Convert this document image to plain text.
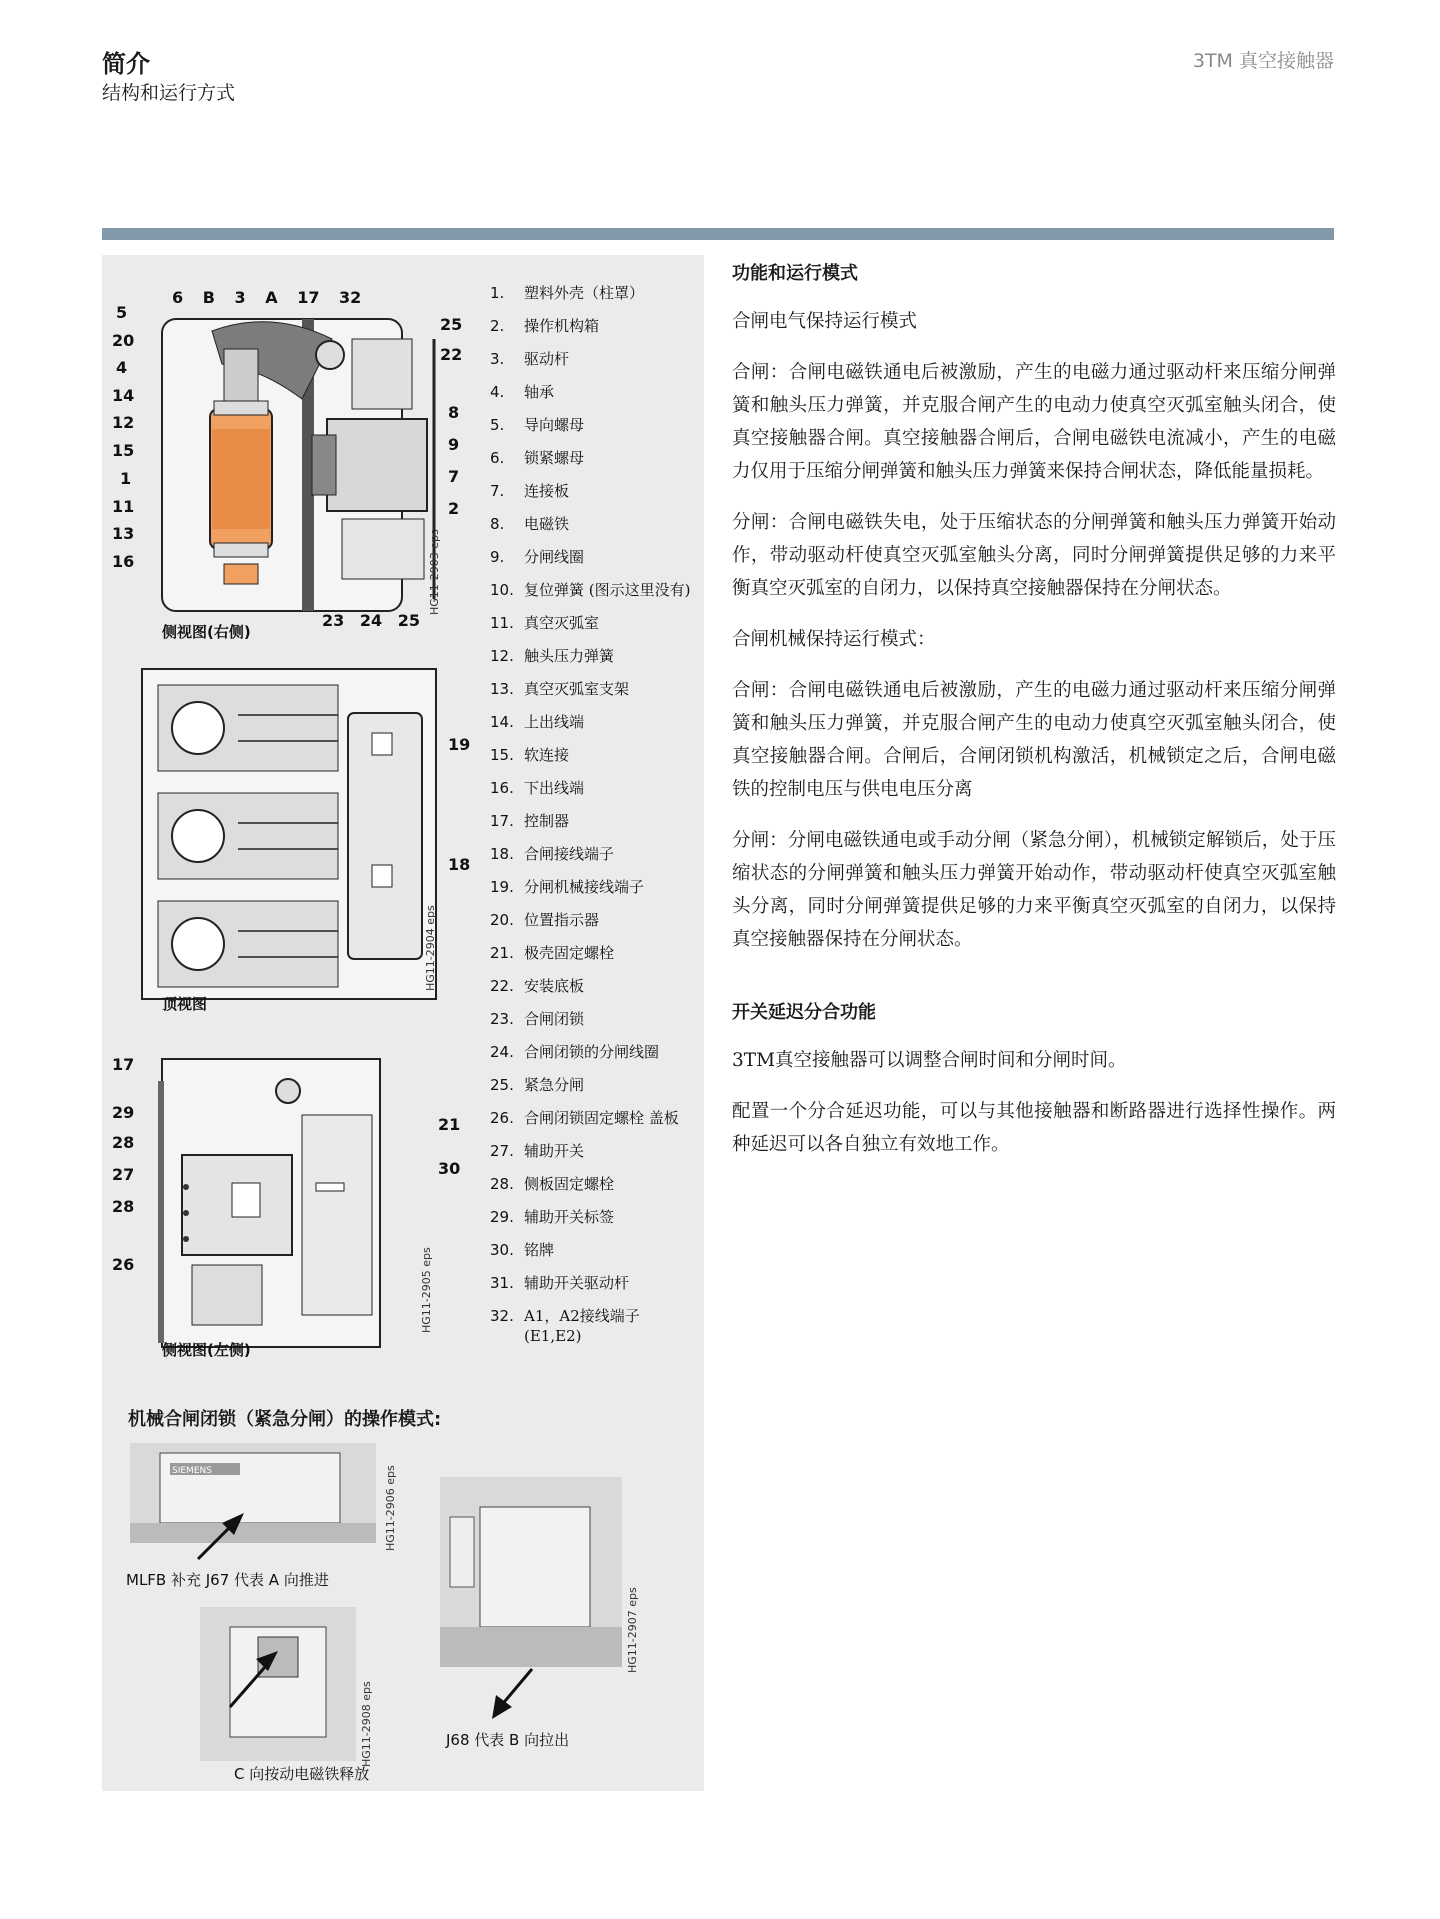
简介
结构和运行方式
3TM 真空接触器
6 B 3 A 17 32
5
20
4
14
12
15
1
11
13
16
25
22
8
9
7
2
23 24 25
侧视图(右侧)
HG11-2903 eps
19
18
顶视图
HG11-2904 eps
17
29
28
27
28
26
21
30
侧视图(左侧)
HG11-2905 eps
1.	塑料外壳（柱罩）
2.	操作机构箱
3.	驱动杆
4.	轴承
5.	导向螺母
6.	锁紧螺母
7.	连接板
8.	电磁铁
9.	分闸线圈
10. 复位弹簧 (图示这里没有)
11. 真空灭弧室
12. 触头压力弹簧
13. 真空灭弧室支架
14. 上出线端
15. 软连接
16. 下出线端
17. 控制器
18. 合闸接线端子
19. 分闸机械接线端子
20. 位置指示器
21. 极壳固定螺栓
22. 安装底板
23. 合闸闭锁
24. 合闸闭锁的分闸线圈
25. 紧急分闸
26. 合闸闭锁固定螺栓 盖板
27. 辅助开关
28. 侧板固定螺栓
29. 辅助开关标签
30. 铭牌
31. 辅助开关驱动杆
32. A1，A2接线端子 (E1,E2)
机械合闸闭锁（紧急分闸）的操作模式:
SIEMENS	HG11-2906 eps
MLFB 补充 J67 代表 A 向推进
HG11-2907 eps
J68 代表 B 向拉出
HG11-2908 eps
C 向按动电磁铁释放
功能和运行模式

合闸电气保持运行模式

合闸：合闸电磁铁通电后被激励，产生的电磁力通过驱动杆来压缩分闸弹簧和触头压力弹簧，并克服合闸产生的电动力使真空灭弧室触头闭合，使真空接触器合闸。真空接触器合闸后，合闸电磁铁电流减小，产生的电磁力仅用于压缩分闸弹簧和触头压力弹簧来保持合闸状态，降低能量损耗。

分闸：合闸电磁铁失电，处于压缩状态的分闸弹簧和触头压力弹簧开始动作，带动驱动杆使真空灭弧室触头分离，同时分闸弹簧提供足够的力来平衡真空灭弧室的自闭力，以保持真空接触器保持在分闸状态。

合闸机械保持运行模式：

合闸：合闸电磁铁通电后被激励，产生的电磁力通过驱动杆来压缩分闸弹簧和触头压力弹簧，并克服合闸产生的电动力使真空灭弧室触头闭合，使真空接触器合闸。合闸后，合闸闭锁机构激活，机械锁定之后，合闸电磁铁的控制电压与供电电压分离

分闸：分闸电磁铁通电或手动分闸（紧急分闸），机械锁定解锁后，处于压缩状态的分闸弹簧和触头压力弹簧开始动作，带动驱动杆使真空灭弧室触头分离，同时分闸弹簧提供足够的力来平衡真空灭弧室的自闭力，以保持真空接触器保持在分闸状态。

开关延迟分合功能

3TM真空接触器可以调整合闸时间和分闸时间。

配置一个分合延迟功能，可以与其他接触器和断路器进行选择性操作。两种延迟可以各自独立有效地工作。
